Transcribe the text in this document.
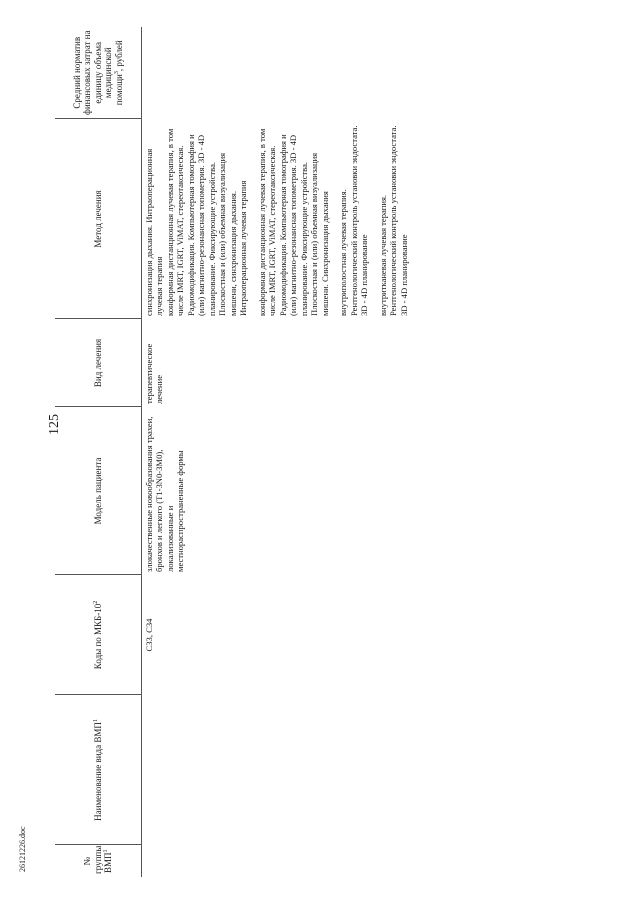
125
26121226.doc	№ группы ВМП$^1$	Наименование вида ВМП$^1$	Коды по МКБ-$10^2$	Модель пациента	Вид лечения	Метод лечения	Средний норматив финансовых затрат на единицу объема медицинской помощи$^3$, рублей
		С33, С34	злокачественные новообразования трахеи, бронхов и легкого (Т1-3N0-3M0), локализованные и местнораспространенные формы	терапевтическое лечение	синхронизация дыхания. Интраоперационная лучевая терапия конформная дистанционная лучевая терапия, в том числе IMRT, IGRT, ViMAT, стереотаксическая. Радиомодификация. Компьютерная томография и (или) магнитно-резонансная топометрия. 3D - 4D планирование. Фиксирующие устройства. Плоскостная и (или) объемная визуализация мишени, синхронизация дыхания. Интраоперационная лучевая терапия конформная дистанционная лучевая терапия, в том числе IMRT, IGRT, ViMAT, стереотаксическая. Радиомодификация. Компьютерная томография и (или) магнитно-резонансная топометрия. 3D - 4D планирование. Фиксирующие устройства. Плоскостная и (или) объемная визуализация мишени. Синхронизация дыхания внутриполостная лучевая терапия. Рентгенологический контроль установки эндостата. 3D - 4D планирование внутритканевая лучевая терапия. Рентгенологический контроль установки эндостата. 3D - 4D планирование	
